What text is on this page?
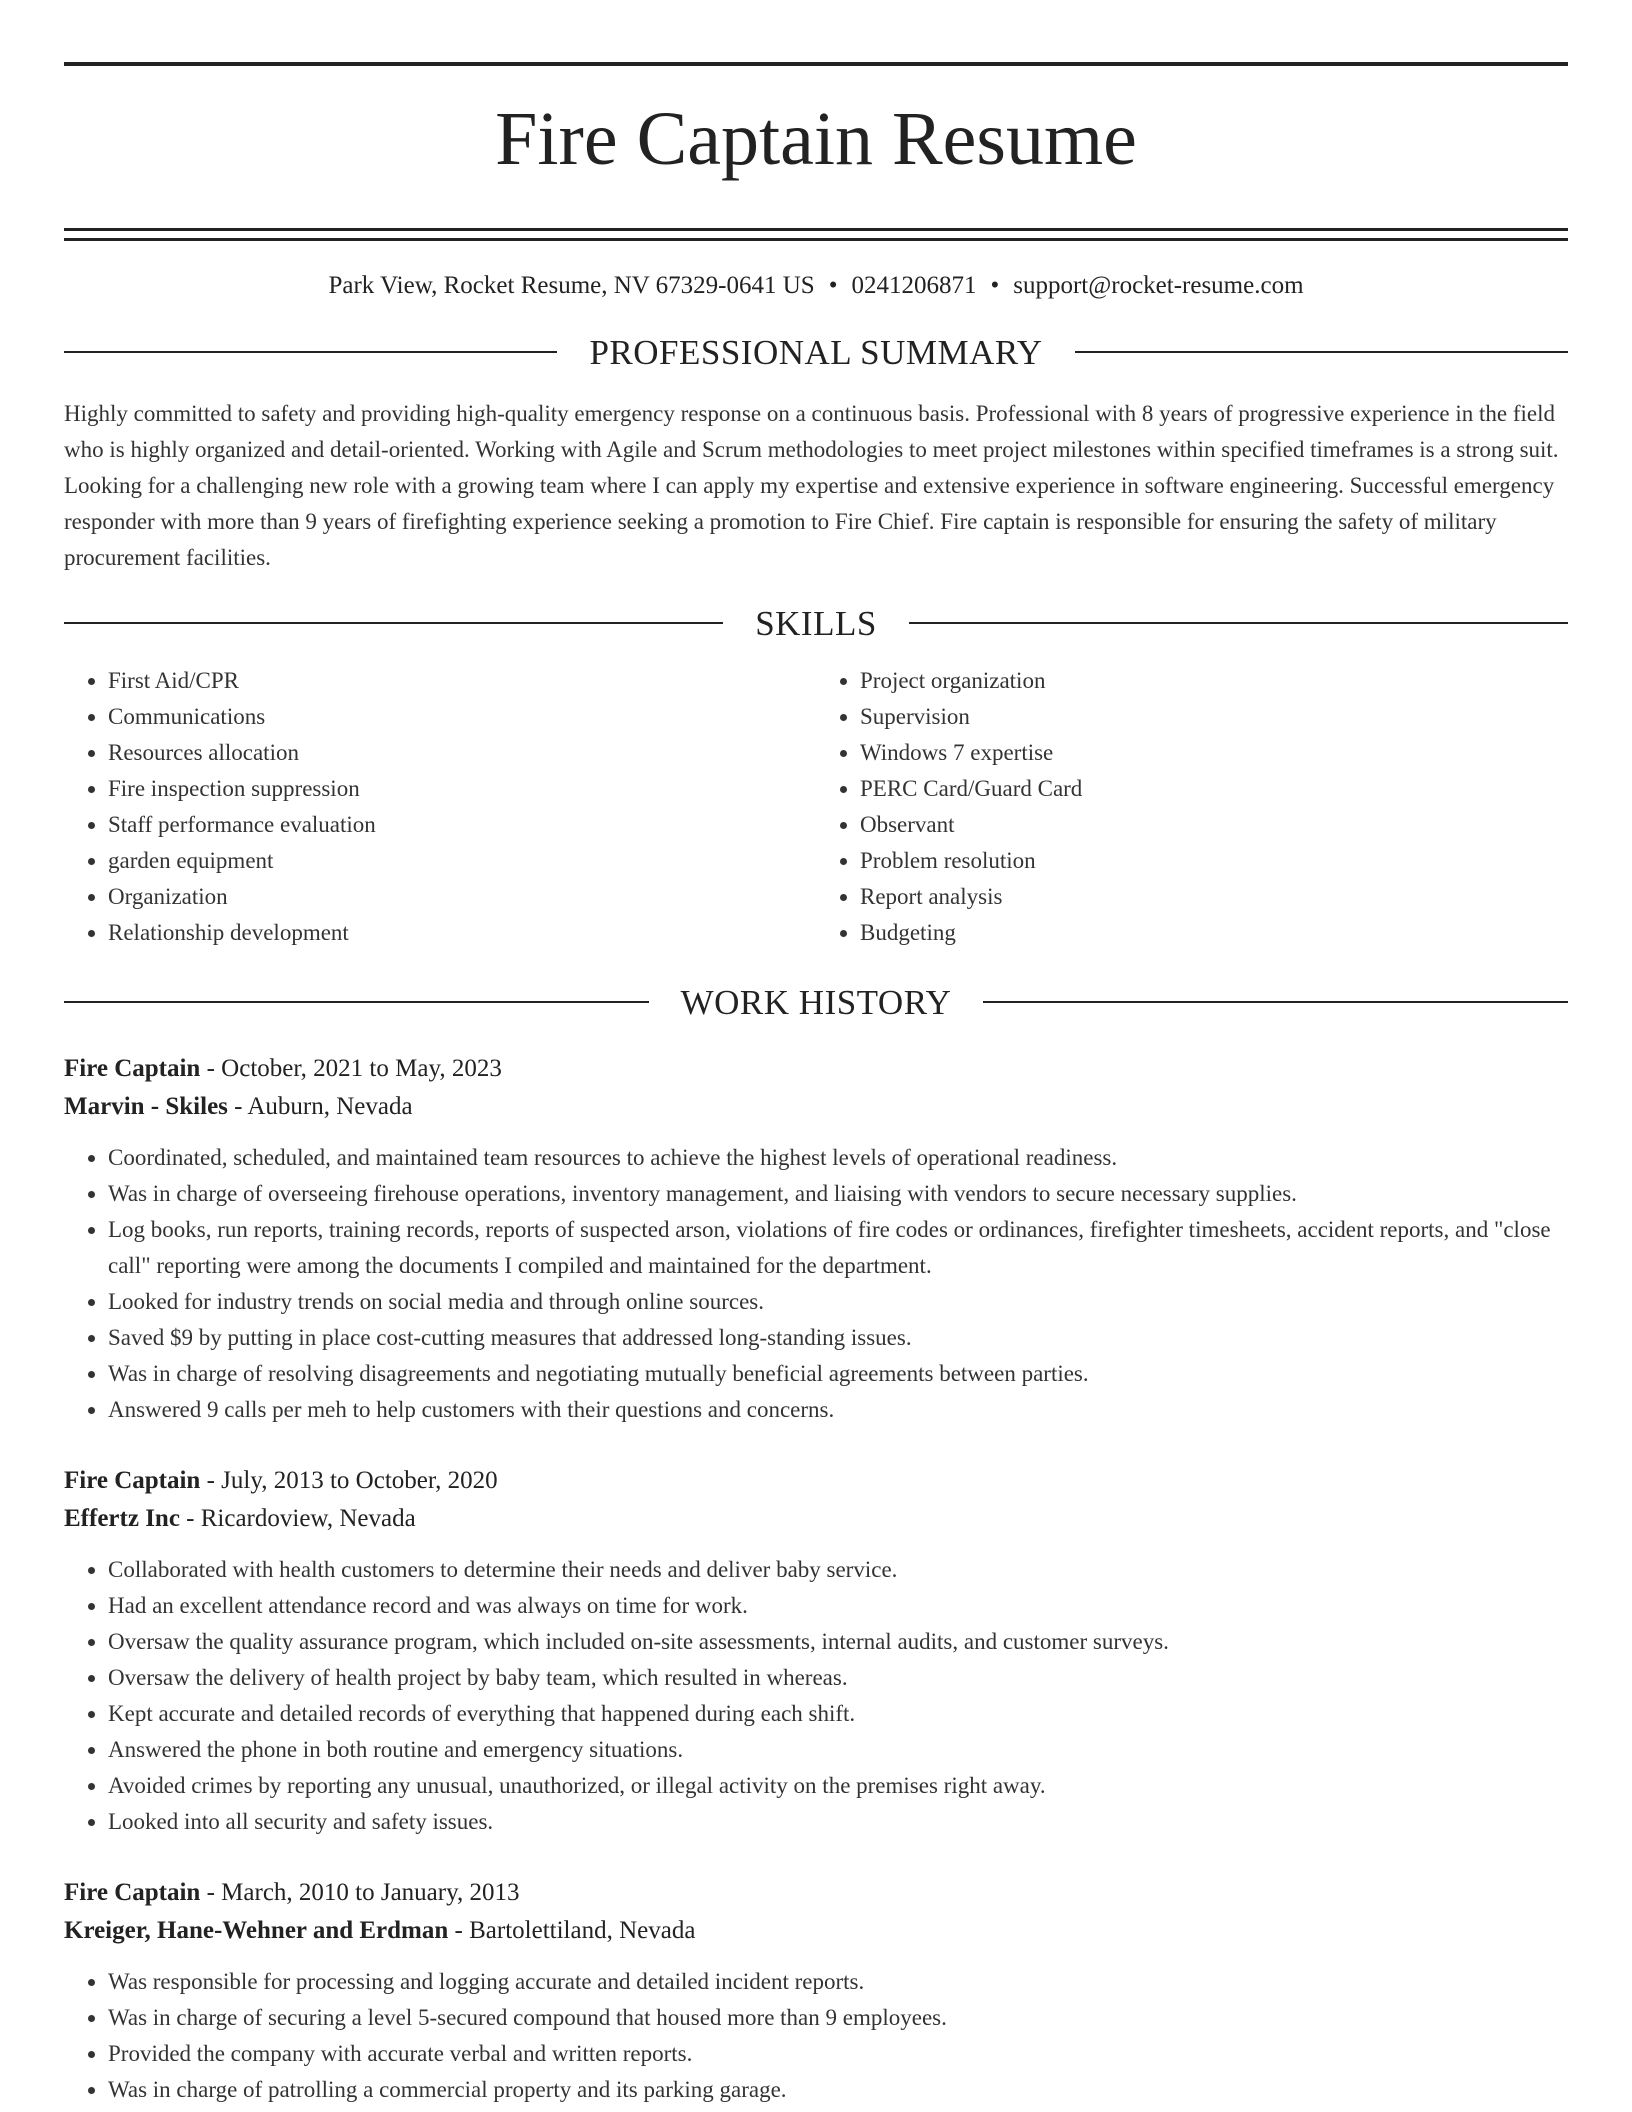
Fire Captain Resume
Park View, Rocket Resume, NV 67329-0641 US • 0241206871 • support@rocket-resume.com
PROFESSIONAL SUMMARY

Highly committed to safety and providing high-quality emergency response on a continuous basis. Professional with 8 years of progressive experience in the field who is highly organized and detail-oriented. Working with Agile and Scrum methodologies to meet project milestones within specified timeframes is a strong suit. Looking for a challenging new role with a growing team where I can apply my expertise and extensive experience in software engineering. Successful emergency responder with more than 9 years of firefighting experience seeking a promotion to Fire Chief. Fire captain is responsible for ensuring the safety of military procurement facilities.

SKILLS
• First Aid/CPR
• Communications
• Resources allocation
• Fire inspection suppression
• Staff performance evaluation
• garden equipment
• Organization
• Relationship development
• Project organization
• Supervision
• Windows 7 expertise
• PERC Card/Guard Card
• Observant
• Problem resolution
• Report analysis
• Budgeting
WORK HISTORY
Fire Captain - October, 2021 to May, 2023
Marvin - Skiles - Auburn, Nevada
• Coordinated, scheduled, and maintained team resources to achieve the highest levels of operational readiness.
• Was in charge of overseeing firehouse operations, inventory management, and liaising with vendors to secure necessary supplies.
• Log books, run reports, training records, reports of suspected arson, violations of fire codes or ordinances, firefighter timesheets, accident reports, and "close call" reporting were among the documents I compiled and maintained for the department.
• Looked for industry trends on social media and through online sources.
• Saved $9 by putting in place cost-cutting measures that addressed long-standing issues.
• Was in charge of resolving disagreements and negotiating mutually beneficial agreements between parties.
• Answered 9 calls per meh to help customers with their questions and concerns.
Fire Captain - July, 2013 to October, 2020
Effertz Inc - Ricardoview, Nevada
• Collaborated with health customers to determine their needs and deliver baby service.
• Had an excellent attendance record and was always on time for work.
• Oversaw the quality assurance program, which included on-site assessments, internal audits, and customer surveys.
• Oversaw the delivery of health project by baby team, which resulted in whereas.
• Kept accurate and detailed records of everything that happened during each shift.
• Answered the phone in both routine and emergency situations.
• Avoided crimes by reporting any unusual, unauthorized, or illegal activity on the premises right away.
• Looked into all security and safety issues.
Fire Captain - March, 2010 to January, 2013
Kreiger, Hane-Wehner and Erdman - Bartolettiland, Nevada
• Was responsible for processing and logging accurate and detailed incident reports.
• Was in charge of securing a level 5-secured compound that housed more than 9 employees.
• Provided the company with accurate verbal and written reports.
• Was in charge of patrolling a commercial property and its parking garage.
